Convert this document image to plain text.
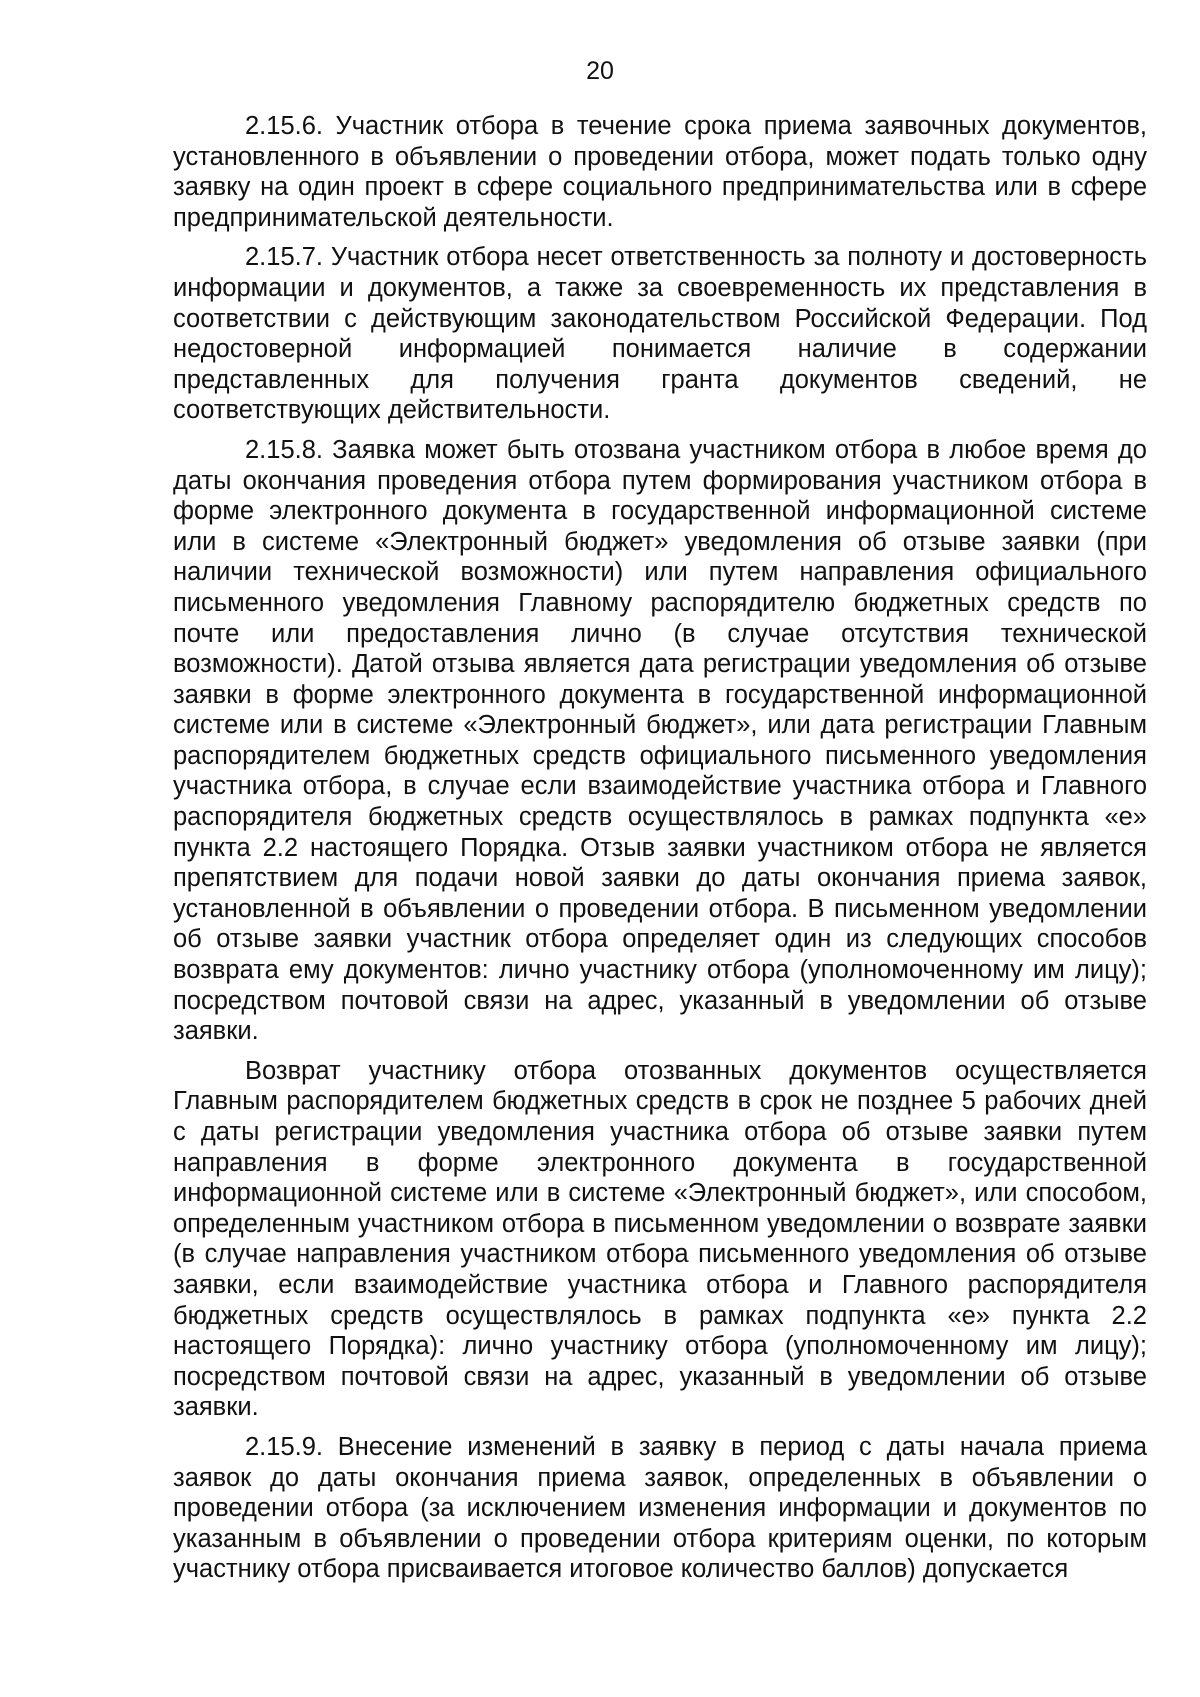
20

2.15.6. Участник отбора в течение срока приема заявочных документов, установленного в объявлении о проведении отбора, может подать только одну заявку на один проект в сфере социального предпринимательства или в сфере предпринимательской деятельности.

2.15.7. Участник отбора несет ответственность за полноту и достоверность информации и документов, а также за своевременность их представления в соответствии с действующим законодательством Российской Федерации. Под недостоверной информацией понимается наличие в содержании представленных для получения гранта документов сведений, не соответствующих действительности.

2.15.8. Заявка может быть отозвана участником отбора в любое время до даты окончания проведения отбора путем формирования участником отбора в форме электронного документа в государственной информационной системе или в системе «Электронный бюджет» уведомления об отзыве заявки (при наличии технической возможности) или путем направления официального письменного уведомления Главному распорядителю бюджетных средств по почте или предоставления лично (в случае отсутствия технической возможности). Датой отзыва является дата регистрации уведомления об отзыве заявки в форме электронного документа в государственной информационной системе или в системе «Электронный бюджет», или дата регистрации Главным распорядителем бюджетных средств официального письменного уведомления участника отбора, в случае если взаимодействие участника отбора и Главного распорядителя бюджетных средств осуществлялось в рамках подпункта «е» пункта 2.2 настоящего Порядка. Отзыв заявки участником отбора не является препятствием для подачи новой заявки до даты окончания приема заявок, установленной в объявлении о проведении отбора. В письменном уведомлении об отзыве заявки участник отбора определяет один из следующих способов возврата ему документов: лично участнику отбора (уполномоченному им лицу); посредством почтовой связи на адрес, указанный в уведомлении об отзыве заявки.

Возврат участнику отбора отозванных документов осуществляется Главным распорядителем бюджетных средств в срок не позднее 5 рабочих дней с даты регистрации уведомления участника отбора об отзыве заявки путем направления в форме электронного документа в государственной информационной системе или в системе «Электронный бюджет», или способом, определенным участником отбора в письменном уведомлении о возврате заявки (в случае направления участником отбора письменного уведомления об отзыве заявки, если взаимодействие участника отбора и Главного распорядителя бюджетных средств осуществлялось в рамках подпункта «е» пункта 2.2 настоящего Порядка): лично участнику отбора (уполномоченному им лицу); посредством почтовой связи на адрес, указанный в уведомлении об отзыве заявки.

2.15.9. Внесение изменений в заявку в период с даты начала приема заявок до даты окончания приема заявок, определенных в объявлении о проведении отбора (за исключением изменения информации и документов по указанным в объявлении о проведении отбора критериям оценки, по которым участнику отбора присваивается итоговое количество баллов) допускается
